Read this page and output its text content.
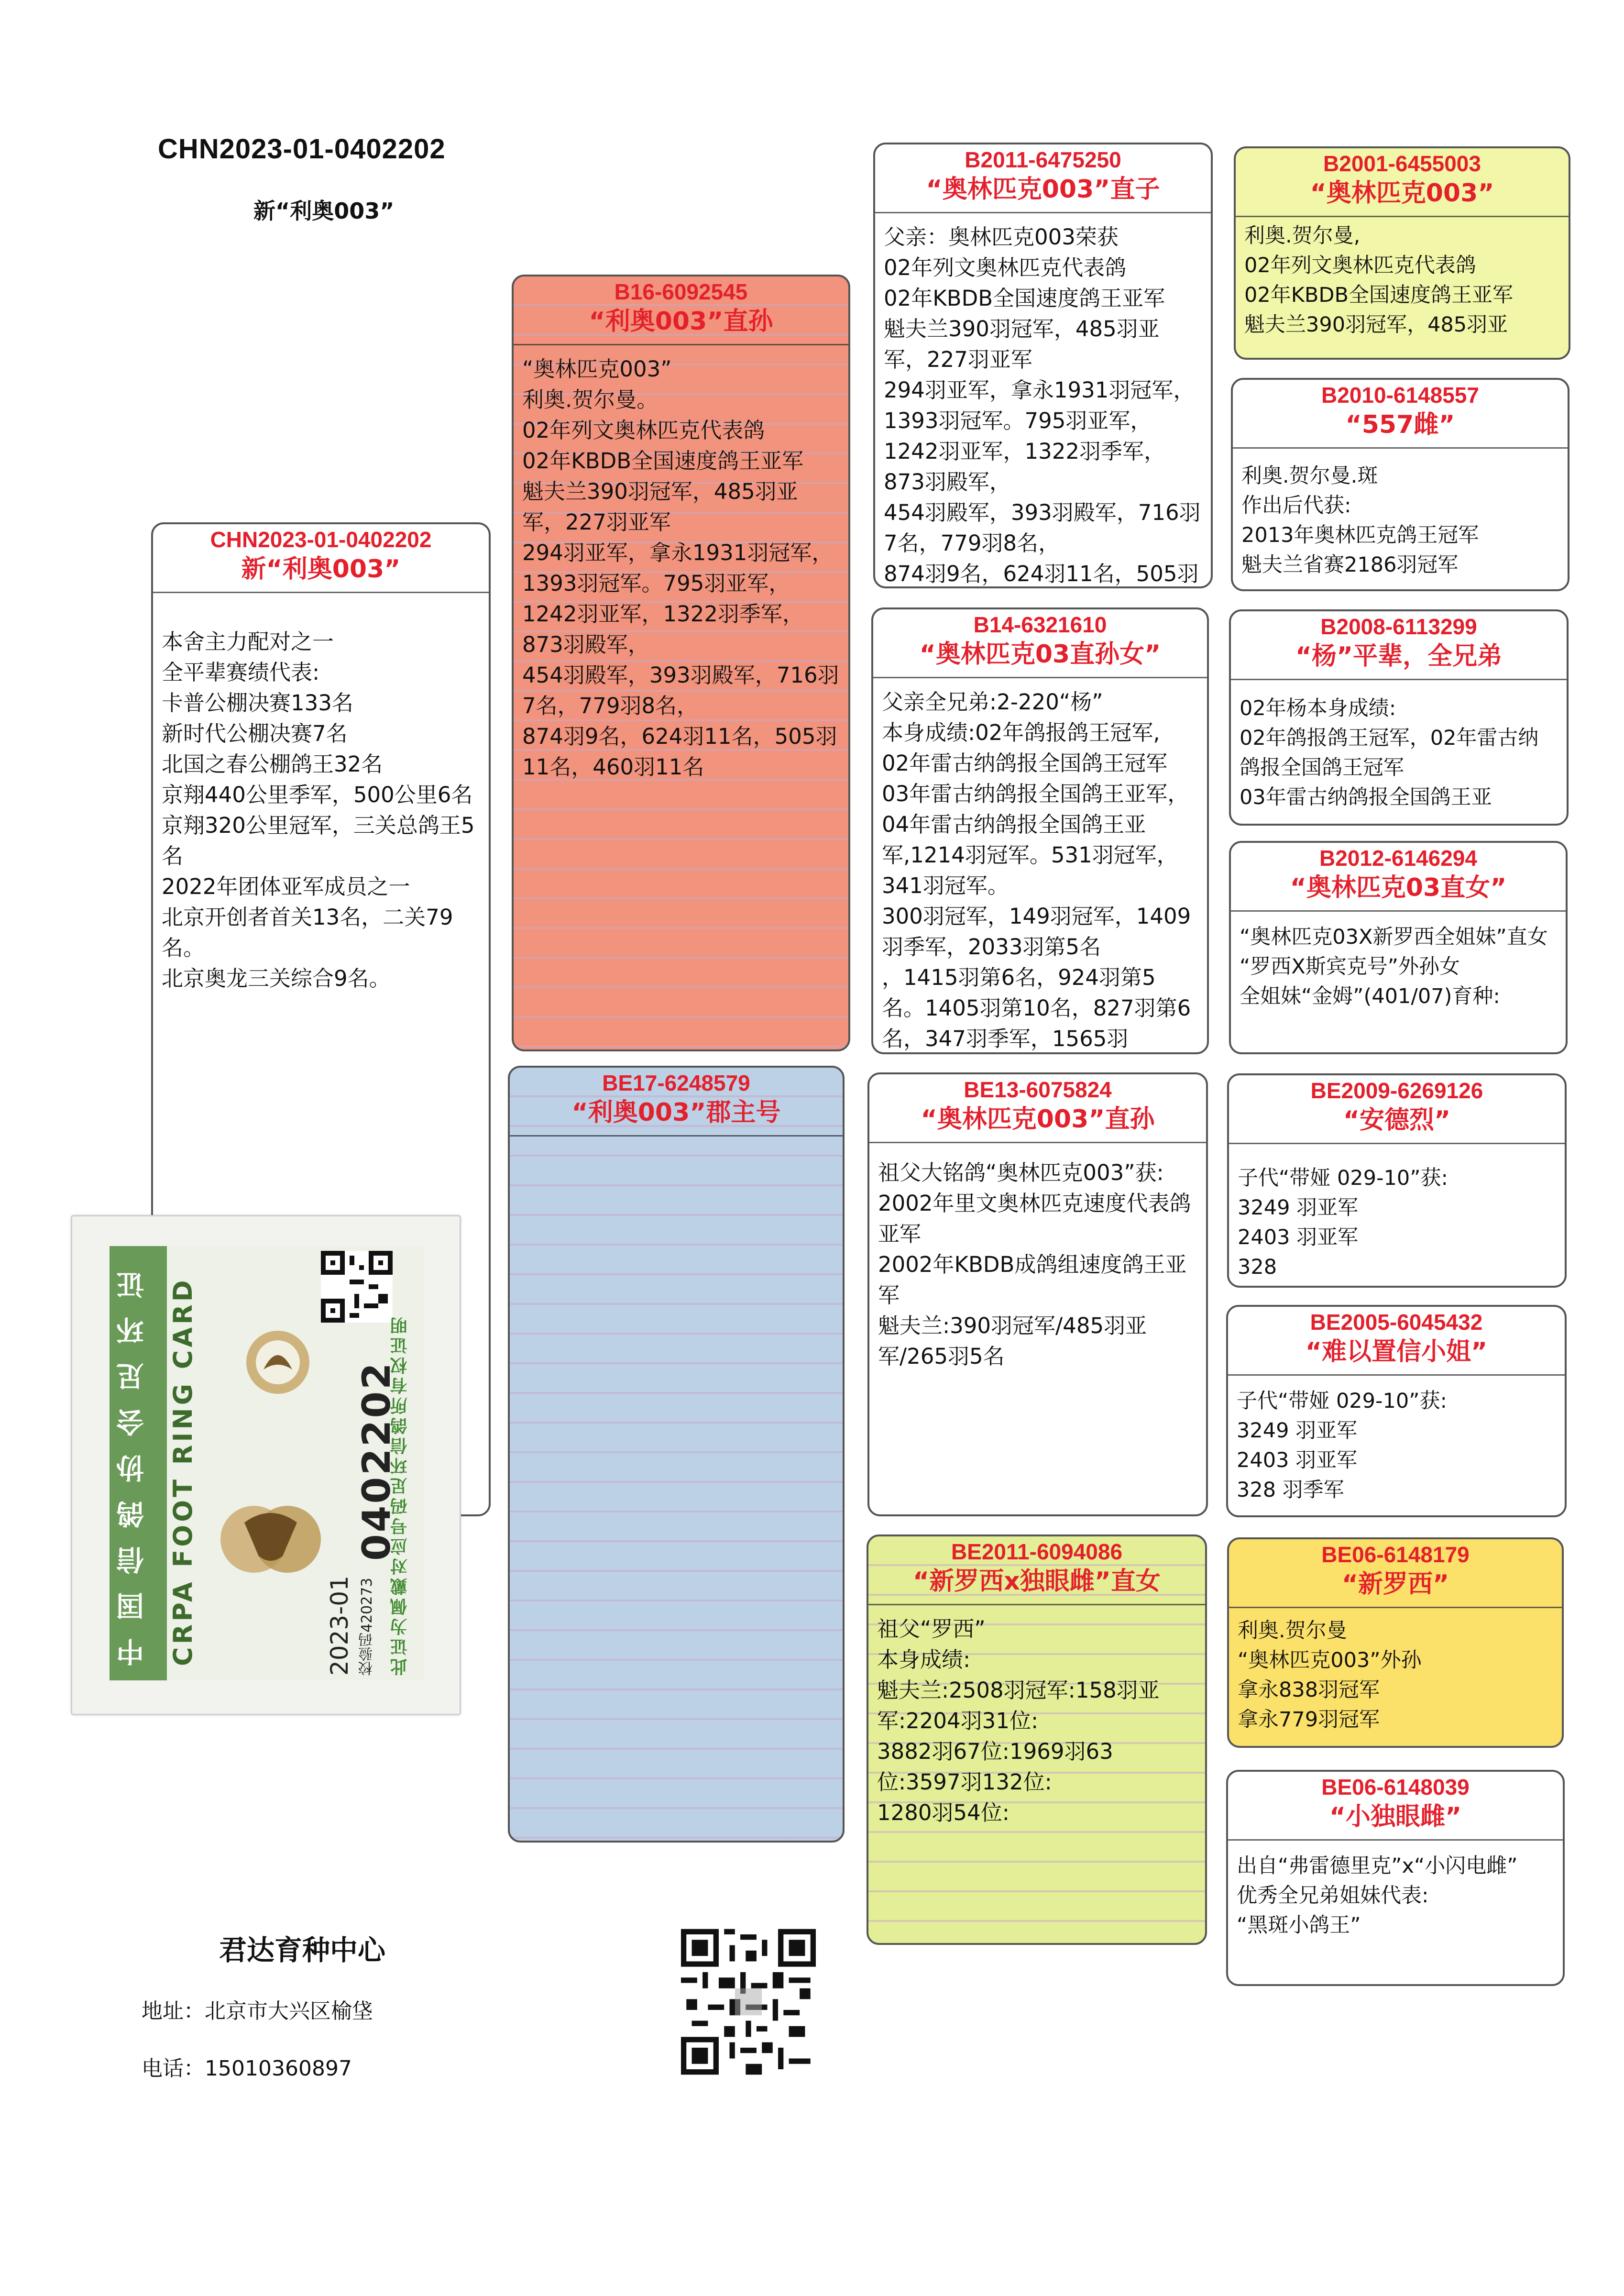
CHN2023-01-0402202
新“利奥003”
CHN2023-01-0402202
新“利奥003”
本舍主力配对之一
全平辈赛绩代表:
卡普公棚决赛133名
新时代公棚决赛7名
北国之春公棚鸽王32名
京翔440公里季军，500公里6名
京翔320公里冠军，三关总鸽王5名
2022年团体亚军成员之一
北京开创者首关13名，二关79名。
北京奥龙三关综合9名。
中国信鸽协会足环证 CRPA FOOT RING CARD	0402202
2023-01 校验码420273 此证为佩戴对应号码足环信鸽所有权证明
B16-6092545
“利奥003”直孙
“奥林匹克003”
利奥.贺尔曼。
02年列文奥林匹克代表鸽
02年KBDB全国速度鸽王亚军
魁夫兰390羽冠军，485羽亚军，227羽亚军
294羽亚军，拿永1931羽冠军，1393羽冠军。795羽亚军，1242羽亚军，1322羽季军，873羽殿军，
454羽殿军，393羽殿军，716羽7名，779羽8名，
874羽9名，624羽11名，505羽11名，460羽11名
BE17-6248579
“利奥003”郡主号
B2011-6475250
“奥林匹克003”直子
父亲：奥林匹克003荣获
02年列文奥林匹克代表鸽
02年KBDB全国速度鸽王亚军
魁夫兰390羽冠军，485羽亚军，227羽亚军
294羽亚军，拿永1931羽冠军，1393羽冠军。795羽亚军，1242羽亚军，1322羽季军，873羽殿军，
454羽殿军，393羽殿军，716羽7名，779羽8名，
874羽9名，624羽11名，505羽
B14-6321610
“奥林匹克03直孙女”
父亲全兄弟:2-220“杨”
本身成绩:02年鸽报鸽王冠军,
02年雷古纳鸽报全国鸽王冠军
03年雷古纳鸽报全国鸽王亚军，04年雷古纳鸽报全国鸽王亚军,1214羽冠军。531羽冠军，341羽冠军。
300羽冠军，149羽冠军，1409羽季军，2033羽第5名
，1415羽第6名，924羽第5名。1405羽第10名，827羽第6名，347羽季军，1565羽
BE13-6075824
“奥林匹克003”直孙
祖父大铭鸽“奥林匹克003”获:
2002年里文奥林匹克速度代表鸽亚军
2002年KBDB成鸽组速度鸽王亚军
魁夫兰:390羽冠军/485羽亚军/265羽5名
BE2011-6094086
“新罗西x独眼雌”直女
祖父“罗西”
本身成绩:
魁夫兰:2508羽冠军:158羽亚军:2204羽31位:
3882羽67位:1969羽63位:3597羽132位:
1280羽54位:
B2001-6455003
“奥林匹克003”
利奥.贺尔曼,
02年列文奥林匹克代表鸽
02年KBDB全国速度鸽王亚军
魁夫兰390羽冠军，485羽亚
B2010-6148557
“557雌”
利奥.贺尔曼.斑
作出后代获:
2013年奥林匹克鸽王冠军
魁夫兰省赛2186羽冠军
B2008-6113299
“杨”平辈，全兄弟
02年杨本身成绩:
02年鸽报鸽王冠军，02年雷古纳鸽报全国鸽王冠军
03年雷古纳鸽报全国鸽王亚
B2012-6146294
“奥林匹克03直女”
“奥林匹克03X新罗西全姐妹”直女
“罗西X斯宾克号”外孙女
全姐妹“金姆”(401/07)育种:
BE2009-6269126
“安德烈”
子代“带娅 029-10”获:
3249 羽亚军
2403 羽亚军
328
BE2005-6045432
“难以置信小姐”
子代“带娅 029-10”获:
3249 羽亚军
2403 羽亚军
328 羽季军
BE06-6148179
“新罗西”
利奥.贺尔曼
“奥林匹克003”外孙
拿永838羽冠军
拿永779羽冠军
BE06-6148039
“小独眼雌”
出自“弗雷德里克”x“小闪电雌”
优秀全兄弟姐妹代表:
“黑斑小鸽王”
君达育种中心
地址：北京市大兴区榆垡
电话：15010360897
